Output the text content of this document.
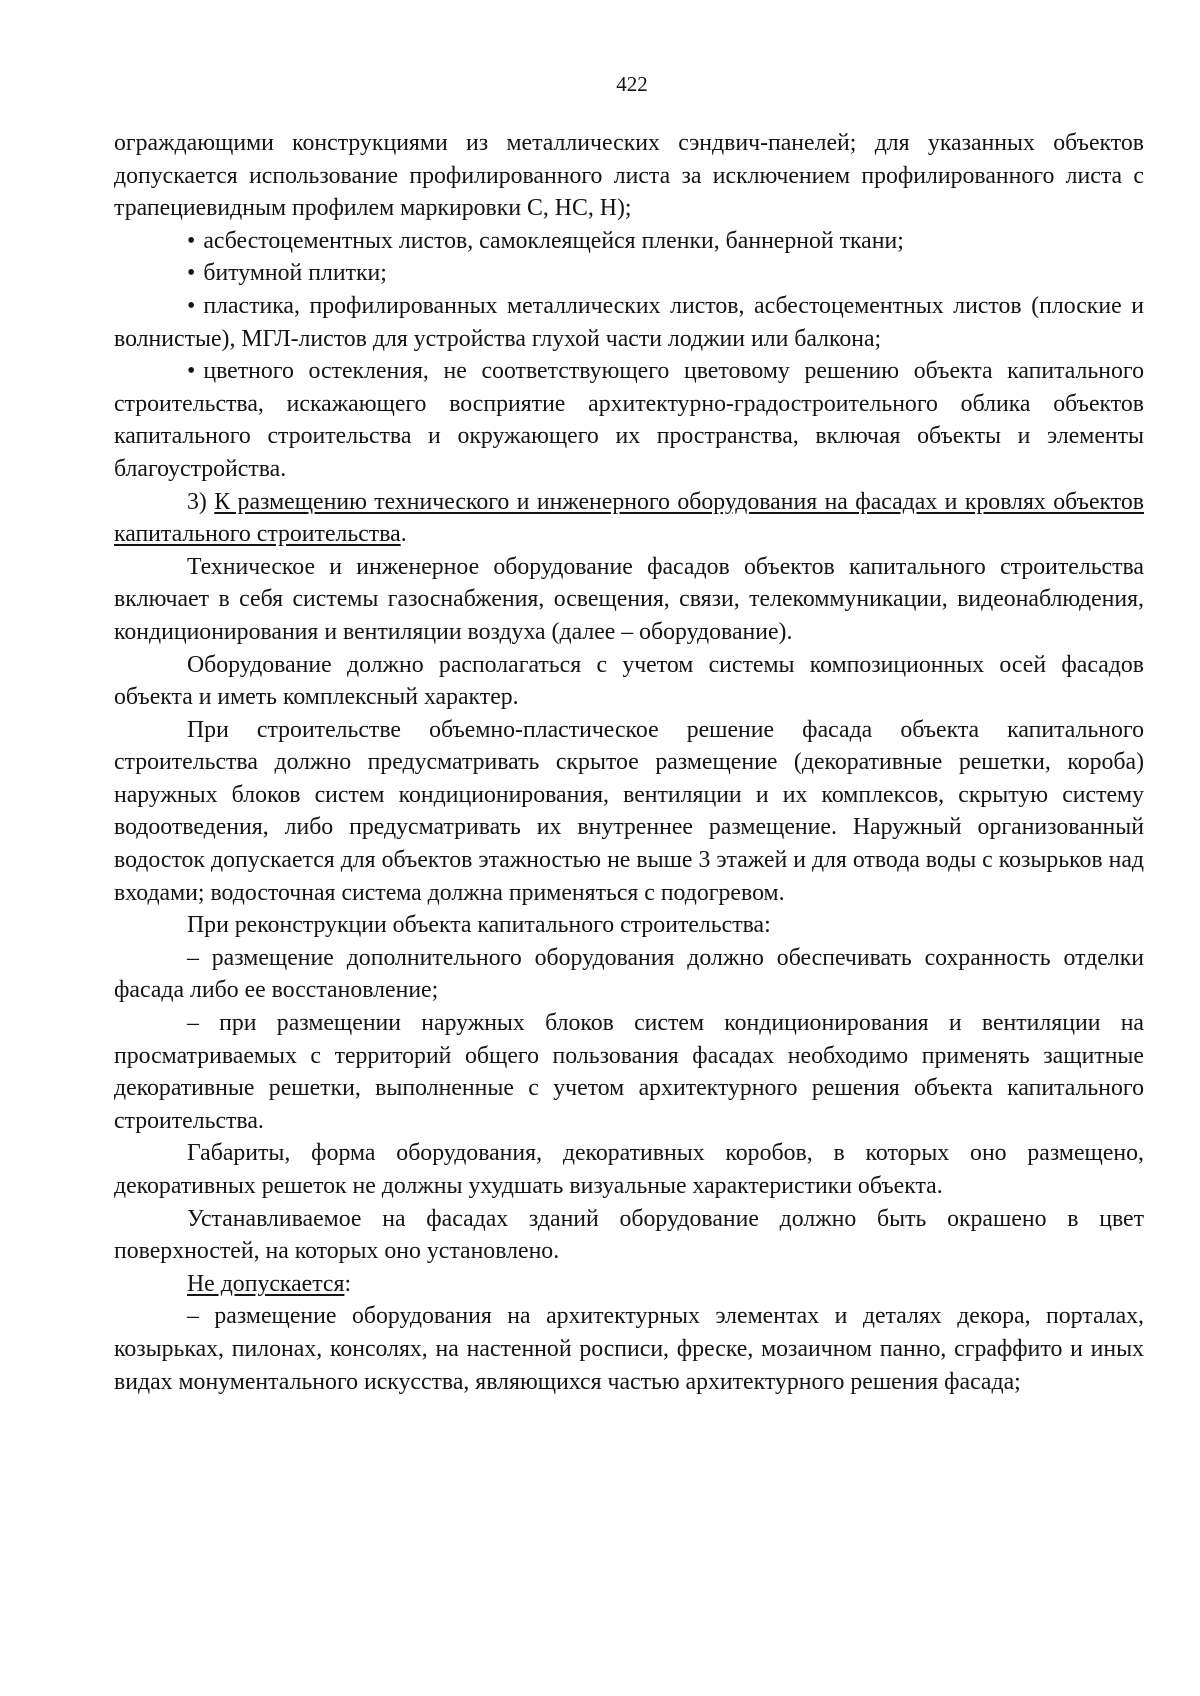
422

ограждающими конструкциями из металлических сэндвич-панелей; для указанных объектов допускается использование профилированного листа за исключением профилированного листа с трапециевидным профилем маркировки С, НС, Н);

• асбестоцементных листов, самоклеящейся пленки, баннерной ткани;

• битумной плитки;

• пластика, профилированных металлических листов, асбестоцементных листов (плоские и волнистые), МГЛ-листов для устройства глухой части лоджии или балкона;

• цветного остекления, не соответствующего цветовому решению объекта капитального строительства, искажающего восприятие архитектурно-градостроительного облика объектов капитального строительства и окружающего их пространства, включая объекты и элементы благоустройства.

3) К размещению технического и инженерного оборудования на фасадах и кровлях объектов капитального строительства.

Техническое и инженерное оборудование фасадов объектов капитального строительства включает в себя системы газоснабжения, освещения, связи, телекоммуникации, видеонаблюдения, кондиционирования и вентиляции воздуха (далее – оборудование).

Оборудование должно располагаться с учетом системы композиционных осей фасадов объекта и иметь комплексный характер.

При строительстве объемно-пластическое решение фасада объекта капитального строительства должно предусматривать скрытое размещение (декоративные решетки, короба) наружных блоков систем кондиционирования, вентиляции и их комплексов, скрытую систему водоотведения, либо предусматривать их внутреннее размещение. Наружный организованный водосток допускается для объектов этажностью не выше 3 этажей и для отвода воды с козырьков над входами; водосточная система должна применяться с подогревом.

При реконструкции объекта капитального строительства:

– размещение дополнительного оборудования должно обеспечивать сохранность отделки фасада либо ее восстановление;

– при размещении наружных блоков систем кондиционирования и вентиляции на просматриваемых с территорий общего пользования фасадах необходимо применять защитные декоративные решетки, выполненные с учетом архитектурного решения объекта капитального строительства.

Габариты, форма оборудования, декоративных коробов, в которых оно размещено, декоративных решеток не должны ухудшать визуальные характеристики объекта.

Устанавливаемое на фасадах зданий оборудование должно быть окрашено в цвет поверхностей, на которых оно установлено.

Не допускается:

– размещение оборудования на архитектурных элементах и деталях декора, порталах, козырьках, пилонах, консолях, на настенной росписи, фреске, мозаичном панно, сграффито и иных видах монументального искусства, являющихся частью архитектурного решения фасада;
